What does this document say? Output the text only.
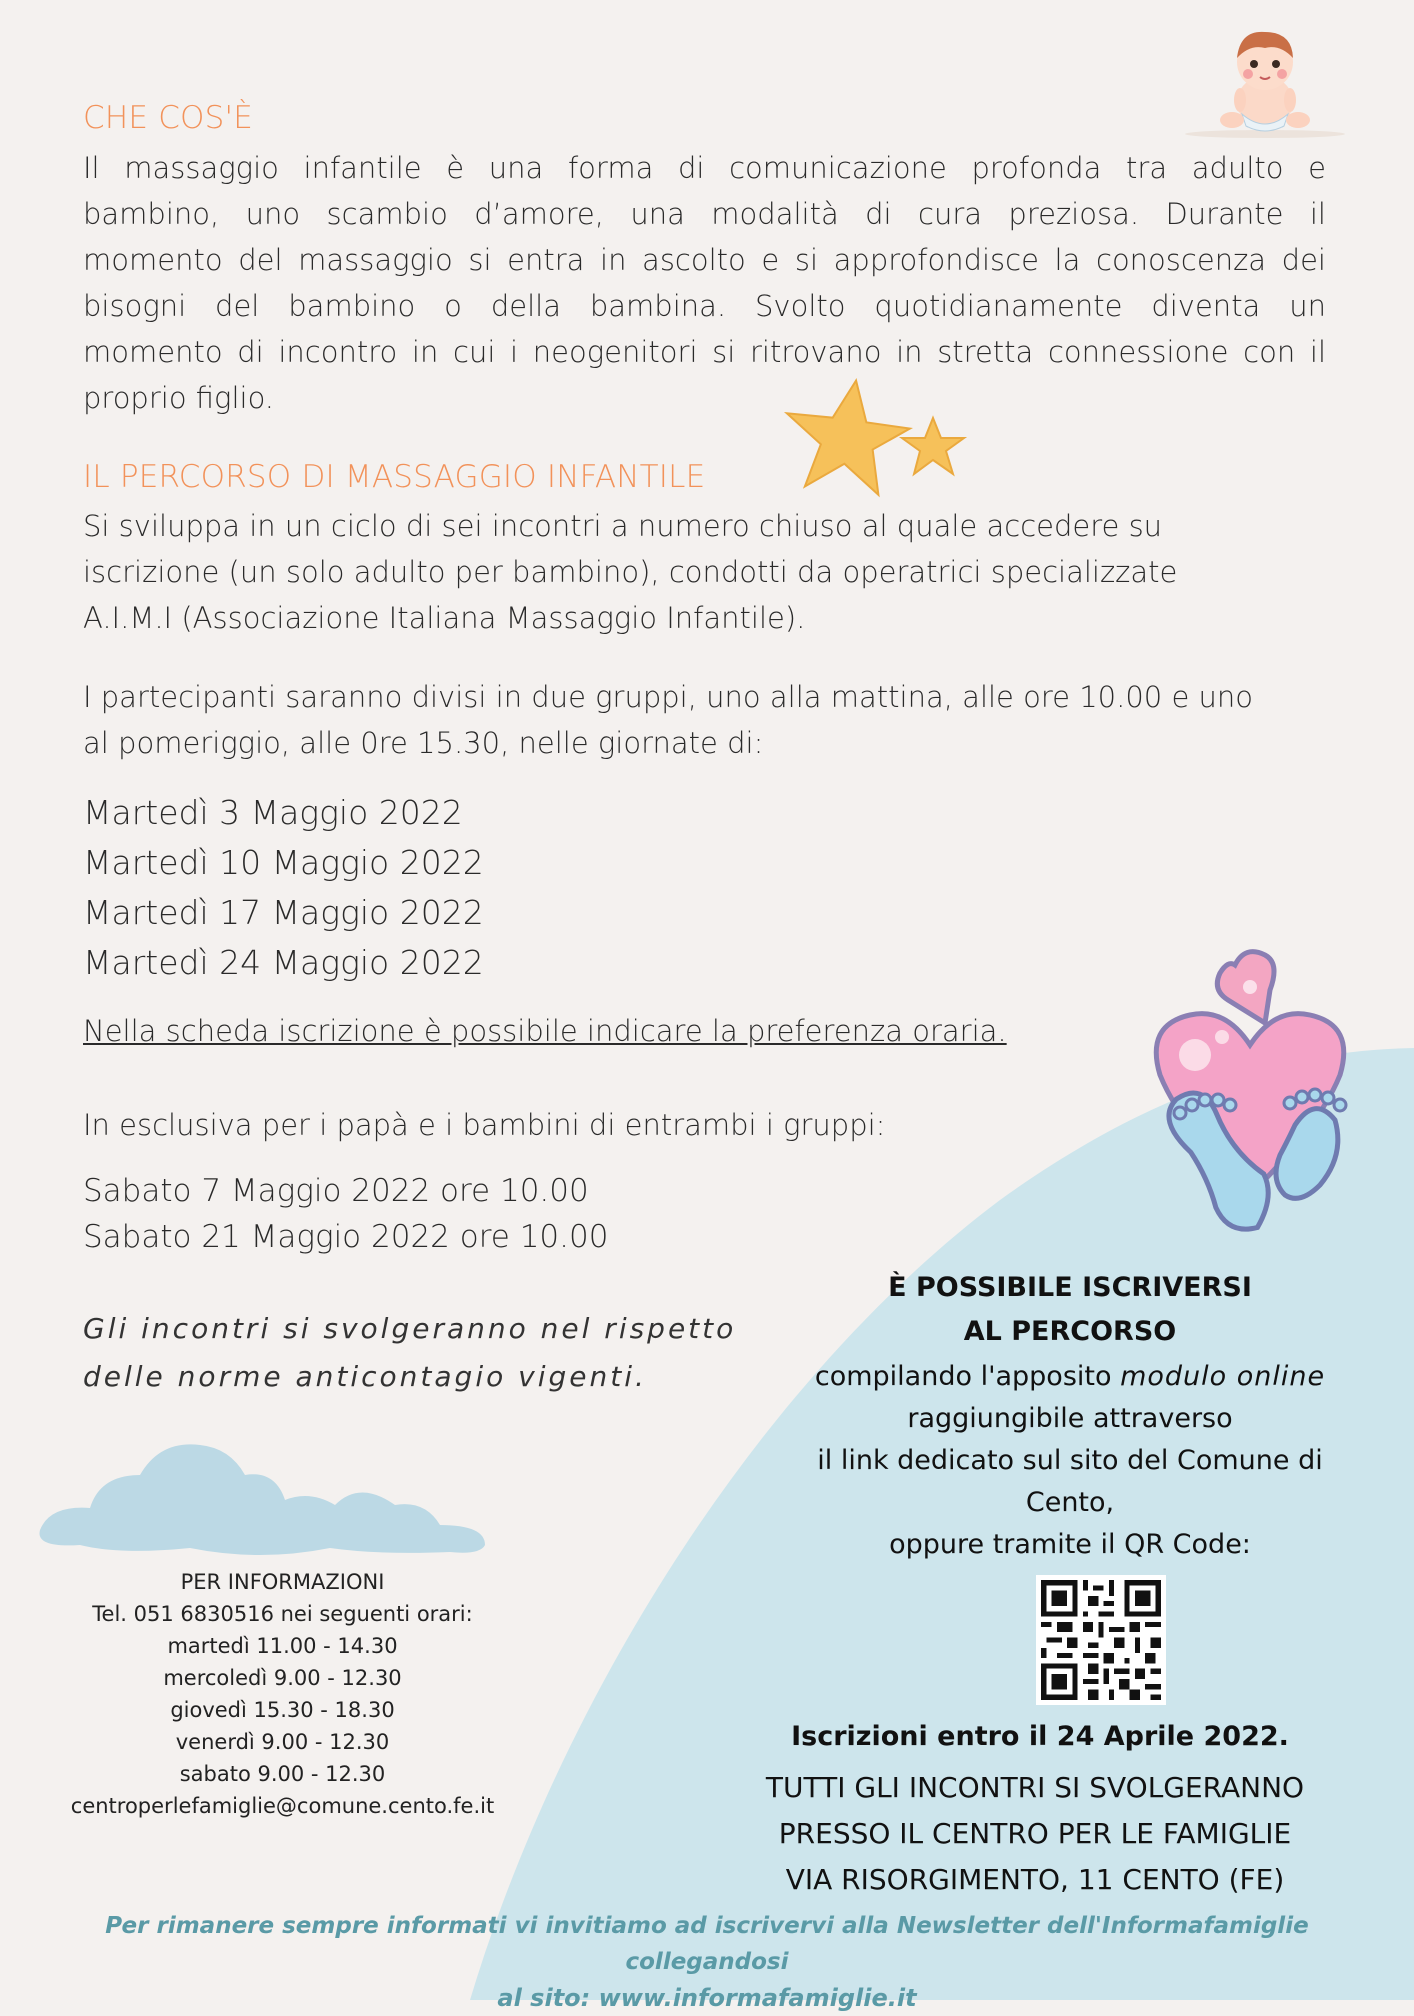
CHE COS'È
Il massaggio infantile è una forma di comunicazione profonda tra adulto e
bambino, uno scambio d’amore, una modalità di cura preziosa. Durante il
momento del massaggio si entra in ascolto e si approfondisce la conoscenza dei
bisogni del bambino o della bambina. Svolto quotidianamente diventa un
momento di incontro in cui i neogenitori si ritrovano in stretta connessione con il
proprio figlio.
IL PERCORSO DI MASSAGGIO INFANTILE
Si sviluppa in un ciclo di sei incontri a numero chiuso al quale accedere su
iscrizione (un solo adulto per bambino), condotti da operatrici specializzate
A.I.M.I (Associazione Italiana Massaggio Infantile).
I partecipanti saranno divisi in due gruppi, uno alla mattina, alle ore 10.00 e uno
al pomeriggio, alle 0re 15.30, nelle giornate di:
Martedì 3 Maggio 2022
Martedì 10 Maggio 2022
Martedì 17 Maggio 2022
Martedì 24 Maggio 2022
Nella scheda iscrizione è possibile indicare la preferenza oraria.
In esclusiva per i papà e i bambini di entrambi i gruppi:
Sabato 7 Maggio 2022 ore 10.00
Sabato 21 Maggio 2022 ore 10.00
Gli incontri si svolgeranno nel rispetto
delle norme anticontagio vigenti.
PER INFORMAZIONI
Tel. 051 6830516 nei seguenti orari:
martedì 11.00 - 14.30
mercoledì 9.00 - 12.30
giovedì 15.30 - 18.30
venerdì 9.00 - 12.30
sabato 9.00 - 12.30
centroperlefamiglie@comune.cento.fe.it
È POSSIBILE ISCRIVERSI
AL PERCORSO
compilando l'apposito modulo online
raggiungibile attraverso
il link dedicato sul sito del Comune di
Cento,
oppure tramite il QR Code:
Iscrizioni entro il 24 Aprile 2022.
TUTTI GLI INCONTRI SI SVOLGERANNO
PRESSO IL CENTRO PER LE FAMIGLIE
VIA RISORGIMENTO, 11 CENTO (FE)
Per rimanere sempre informati vi invitiamo ad iscrivervi alla Newsletter dell'Informafamiglie collegandosi
al sito: www.informafamiglie.it
